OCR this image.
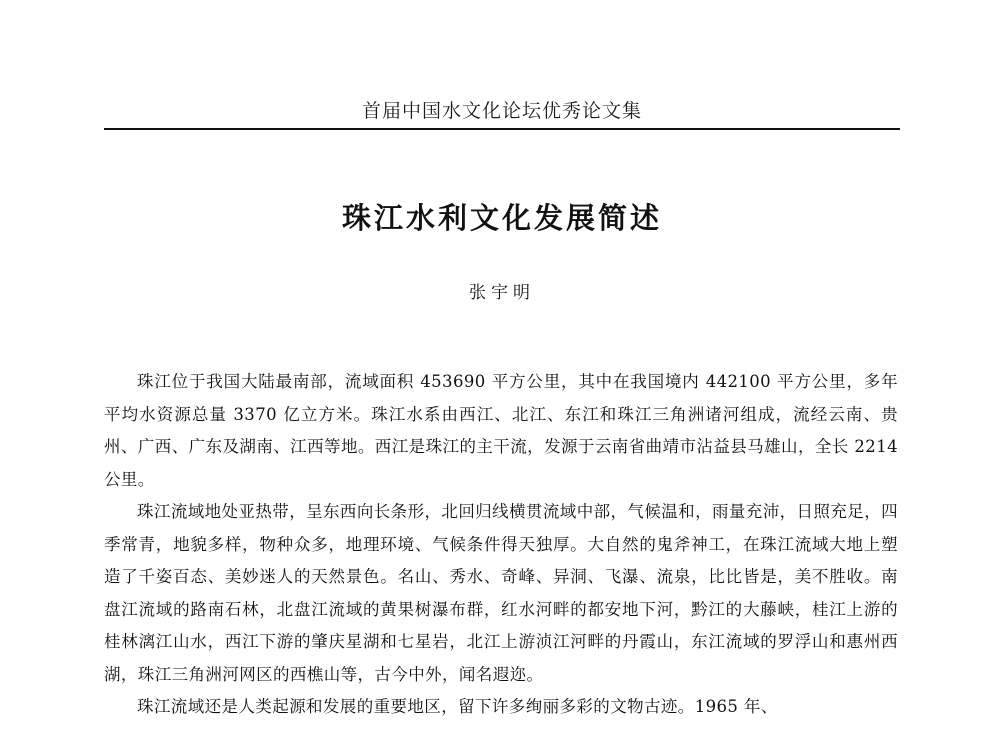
首届中国水文化论坛优秀论文集
珠江水利文化发展简述
张宇明

珠江位于我国大陆最南部，流域面积 453690 平方公里，其中在我国境内 442100 平方公里，多年平均水资源总量 3370 亿立方米。珠江水系由西江、北江、东江和珠江三角洲诸河组成，流经云南、贵州、广西、广东及湖南、江西等地。西江是珠江的主干流，发源于云南省曲靖市沾益县马雄山，全长 2214 公里。

珠江流域地处亚热带，呈东西向长条形，北回归线横贯流域中部，气候温和，雨量充沛，日照充足，四季常青，地貌多样，物种众多，地理环境、气候条件得天独厚。大自然的鬼斧神工，在珠江流域大地上塑造了千姿百态、美妙迷人的天然景色。名山、秀水、奇峰、异洞、飞瀑、流泉，比比皆是，美不胜收。南盘江流域的路南石林，北盘江流域的黄果树瀑布群，红水河畔的都安地下河，黔江的大藤峡，桂江上游的桂林漓江山水，西江下游的肇庆星湖和七星岩，北江上游浈江河畔的丹霞山，东江流域的罗浮山和惠州西湖，珠江三角洲河网区的西樵山等，古今中外，闻名遐迩。

珠江流域还是人类起源和发展的重要地区，留下许多绚丽多彩的文物古迹。1965 年、
